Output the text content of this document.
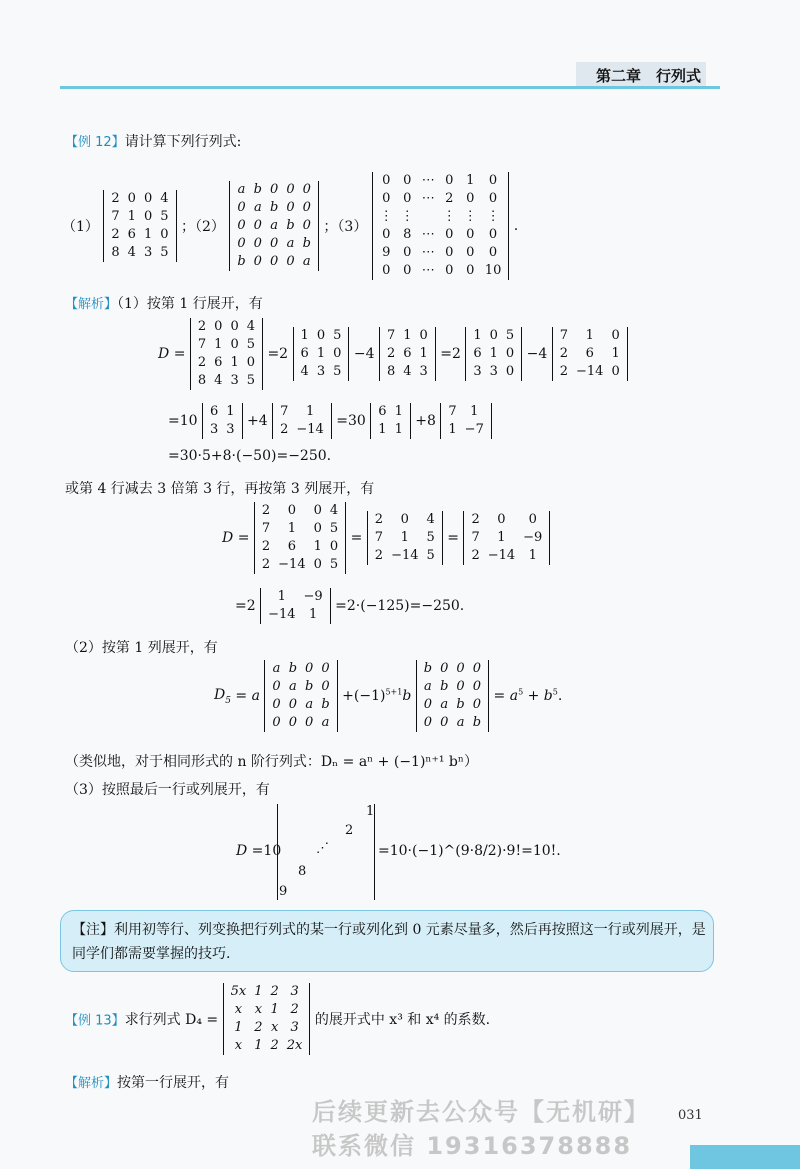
第二章　行列式
【例 12】请计算下列行列式:
（1）
2	0	0	4
7	1	0	5
2	6	1	0
8	4	3	5
；（2）
a	b	0	0	0
0	a	b	0	0
0	0	a	b	0
0	0	0	a	b
b	0	0	0	a
；（3）
0	0	⋯	0	1	0
0	0	⋯	2	0	0
⋮	⋮		⋮	⋮	⋮
0	8	⋯	0	0	0
9	0	⋯	0	0	0
0	0	⋯	0	0	10
.
【解析】（1）按第 1 行展开，有
D =
2	0	0	4
7	1	0	5
2	6	1	0
8	4	3	5
=2
1	0	5
6	1	0
4	3	5
−4
7	1	0
2	6	1
8	4	3
=2
1	0	5
6	1	0
3	3	0
−4
7	1	0
2	6	1
2	−14	0
=10
6	1
3	3
+4
7	1
2	−14
=30
6	1
1	1
+8
7	1
1	−7
=30·5+8·(−50)=−250.
或第 4 行减去 3 倍第 3 行，再按第 3 列展开，有
D =
2	0	0	4
7	1	0	5
2	6	1	0
2	−14	0	5
=
2	0	4
7	1	5
2	−14	5
=
2	0	0
7	1	−9
2	−14	1
=2
1	−9
−14	1
=2·(−125)=−250.
（2）按第 1 列展开，有
$D_5 = a$
a	b	0	0
0	a	b	0
0	0	a	b
0	0	0	a
$+(-1)^{5+1}b$
b	0	0	0
a	b	0	0
0	a	b	0
0	0	a	b
= $a^5 + b^5$.
（类似地，对于相同形式的 n 阶行列式：Dₙ = aⁿ + (−1)ⁿ⁺¹ bⁿ）
（3）按照最后一行或列展开，有
D =10
1
2
⋰
8
9
=10·(−1)^(9·8/2)·9!=10!.
【注】利用初等行、列变换把行列式的某一行或列化到 0 元素尽量多，然后再按照这一行或列展开，是同学们都需要掌握的技巧.
【例 13】求行列式 D₄ =
5x	1	2	3
x	x	1	2
1	2	x	3
x	1	2	2x
的展开式中 x³ 和 x⁴ 的系数.
【解析】按第一行展开，有
后续更新去公众号【无机研】
联系微信 19316378888
031
